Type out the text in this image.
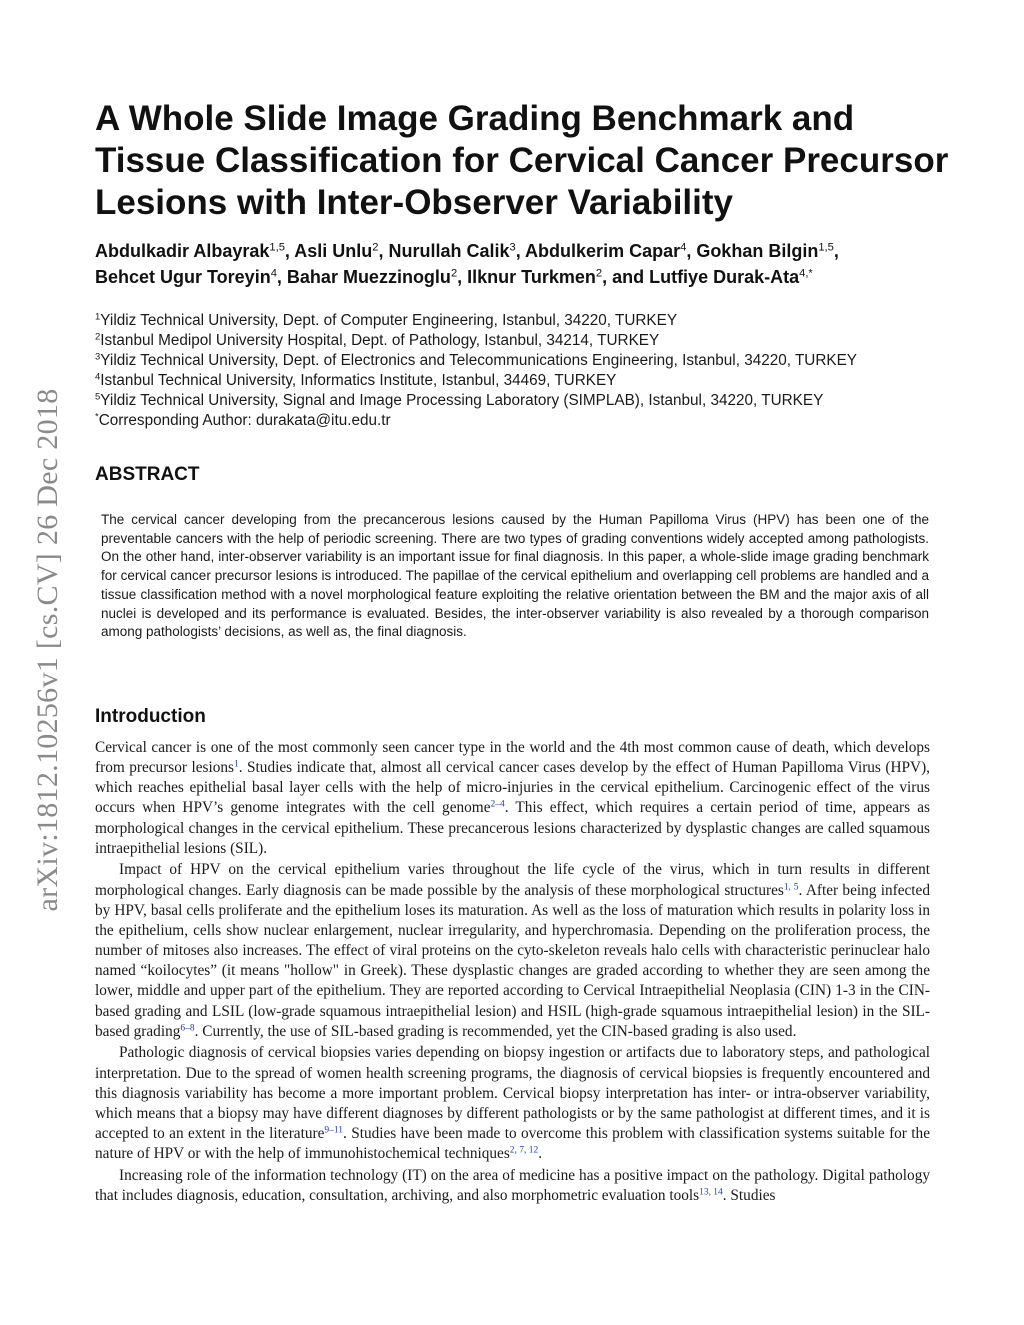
arXiv:1812.10256v1 [cs.CV] 26 Dec 2018
A Whole Slide Image Grading Benchmark and
Tissue Classification for Cervical Cancer Precursor
Lesions with Inter-Observer Variability
Abdulkadir Albayrak$^{1,5}$, Asli Unlu$^2$, Nurullah Calik$^3$, Abdulkerim Capar$^4$, Gokhan Bilgin$^{1,5}$,
Behcet Ugur Toreyin$^4$, Bahar Muezzinoglu$^2$, Ilknur Turkmen$^2$, and Lutfiye Durak-Ata$^{4,*}$
$^1$Yildiz Technical University, Dept. of Computer Engineering, Istanbul, 34220, TURKEY
$^2$Istanbul Medipol University Hospital, Dept. of Pathology, Istanbul, 34214, TURKEY
$^3$Yildiz Technical University, Dept. of Electronics and Telecommunications Engineering, Istanbul, 34220, TURKEY
$^4$Istanbul Technical University, Informatics Institute, Istanbul, 34469, TURKEY
$^5$Yildiz Technical University, Signal and Image Processing Laboratory (SIMPLAB), Istanbul, 34220, TURKEY
*Corresponding Author: durakata@itu.edu.tr
ABSTRACT

The cervical cancer developing from the precancerous lesions caused by the Human Papilloma Virus (HPV) has been one of the preventable cancers with the help of periodic screening. There are two types of grading conventions widely accepted among pathologists. On the other hand, inter-observer variability is an important issue for final diagnosis. In this paper, a whole-slide image grading benchmark for cervical cancer precursor lesions is introduced. The papillae of the cervical epithelium and overlapping cell problems are handled and a tissue classification method with a novel morphological feature exploiting the relative orientation between the BM and the major axis of all nuclei is developed and its performance is evaluated. Besides, the inter-observer variability is also revealed by a thorough comparison among pathologists’ decisions, as well as, the final diagnosis.

Introduction

Cervical cancer is one of the most commonly seen cancer type in the world and the 4th most common cause of death, which develops from precursor lesions$^1$. Studies indicate that, almost all cervical cancer cases develop by the effect of Human Papilloma Virus (HPV), which reaches epithelial basal layer cells with the help of micro-injuries in the cervical epithelium. Carcinogenic effect of the virus occurs when HPV’s genome integrates with the cell genome$^{2-4}$. This effect, which requires a certain period of time, appears as morphological changes in the cervical epithelium. These precancerous lesions characterized by dysplastic changes are called squamous intraepithelial lesions (SIL).

Impact of HPV on the cervical epithelium varies throughout the life cycle of the virus, which in turn results in different morphological changes. Early diagnosis can be made possible by the analysis of these morphological structures$^{1, 5}$. After being infected by HPV, basal cells proliferate and the epithelium loses its maturation. As well as the loss of maturation which results in polarity loss in the epithelium, cells show nuclear enlargement, nuclear irregularity, and hyperchromasia. Depending on the proliferation process, the number of mitoses also increases. The effect of viral proteins on the cyto-skeleton reveals halo cells with characteristic perinuclear halo named “koilocytes” (it means "hollow" in Greek). These dysplastic changes are graded according to whether they are seen among the lower, middle and upper part of the epithelium. They are reported according to Cervical Intraepithelial Neoplasia (CIN) 1-3 in the CIN-based grading and LSIL (low-grade squamous intraepithelial lesion) and HSIL (high-grade squamous intraepithelial lesion) in the SIL-based grading$^{6-8}$. Currently, the use of SIL-based grading is recommended, yet the CIN-based grading is also used.

Pathologic diagnosis of cervical biopsies varies depending on biopsy ingestion or artifacts due to laboratory steps, and pathological interpretation. Due to the spread of women health screening programs, the diagnosis of cervical biopsies is frequently encountered and this diagnosis variability has become a more important problem. Cervical biopsy interpretation has inter- or intra-observer variability, which means that a biopsy may have different diagnoses by different pathologists or by the same pathologist at different times, and it is accepted to an extent in the literature$^{9-11}$. Studies have been made to overcome this problem with classification systems suitable for the nature of HPV or with the help of immunohistochemical techniques$^{2, 7, 12}$.

Increasing role of the information technology (IT) on the area of medicine has a positive impact on the pathology. Digital pathology that includes diagnosis, education, consultation, archiving, and also morphometric evaluation tools$^{13, 14}$. Studies
